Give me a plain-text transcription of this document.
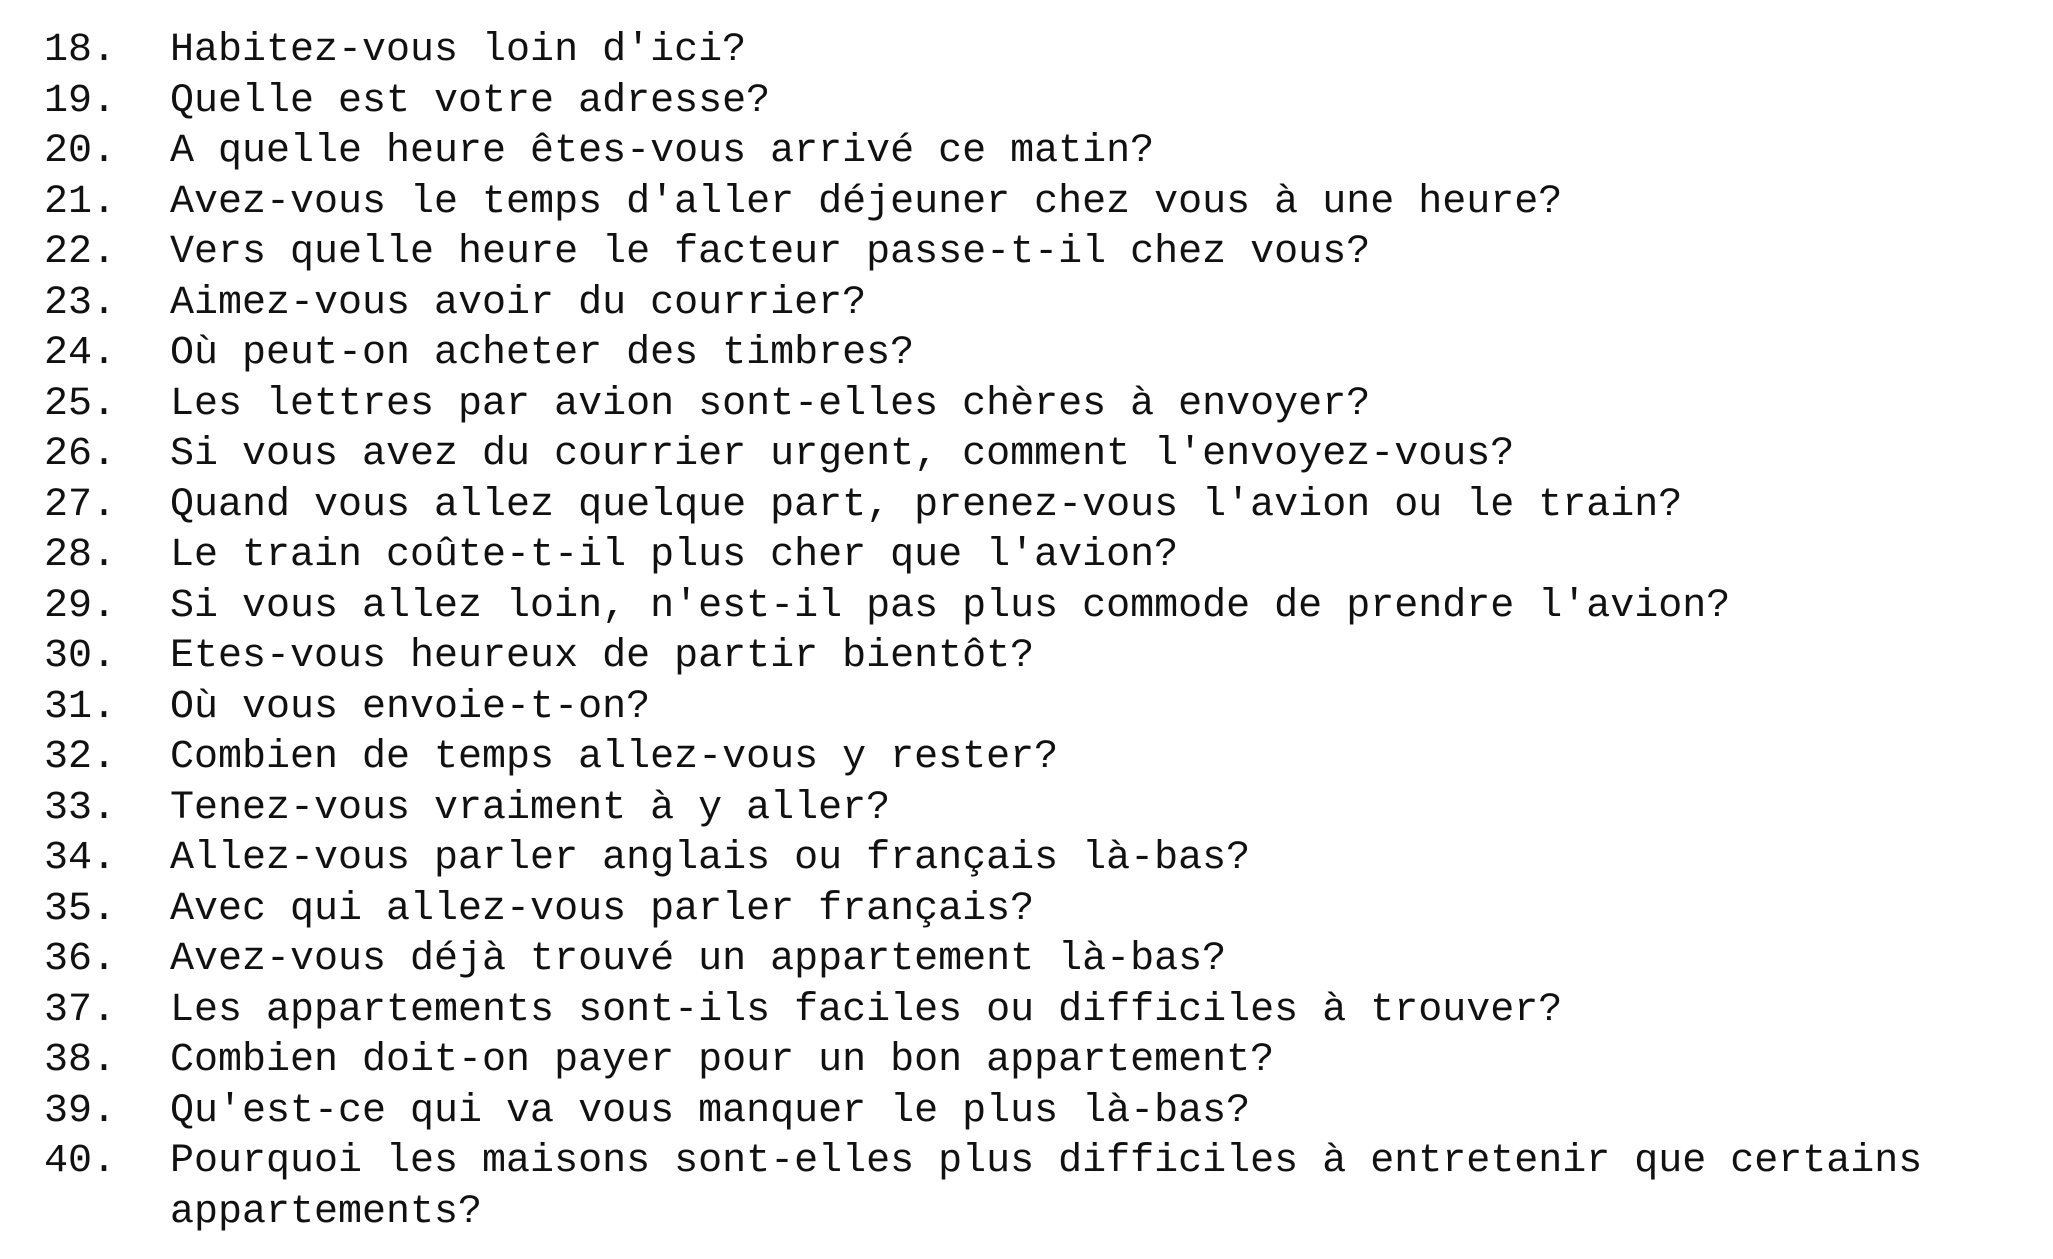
18.	Habitez-vous loin d'ici?
19.	Quelle est votre adresse?
20.	A quelle heure êtes-vous arrivé ce matin?
21.	Avez-vous le temps d'aller déjeuner chez vous à une heure?
22.	Vers quelle heure le facteur passe-t-il chez vous?
23.	Aimez-vous avoir du courrier?
24.	Où peut-on acheter des timbres?
25.	Les lettres par avion sont-elles chères à envoyer?
26.	Si vous avez du courrier urgent, comment l'envoyez-vous?
27.	Quand vous allez quelque part, prenez-vous l'avion ou le train?
28.	Le train coûte-t-il plus cher que l'avion?
29.	Si vous allez loin, n'est-il pas plus commode de prendre l'avion?
30.	Etes-vous heureux de partir bientôt?
31.	Où vous envoie-t-on?
32.	Combien de temps allez-vous y rester?
33.	Tenez-vous vraiment à y aller?
34.	Allez-vous parler anglais ou français là-bas?
35.	Avec qui allez-vous parler français?
36.	Avez-vous déjà trouvé un appartement là-bas?
37.	Les appartements sont-ils faciles ou difficiles à trouver?
38.	Combien doit-on payer pour un bon appartement?
39.	Qu'est-ce qui va vous manquer le plus là-bas?
40.	Pourquoi les maisons sont-elles plus difficiles à entretenir que certains
appartements?
